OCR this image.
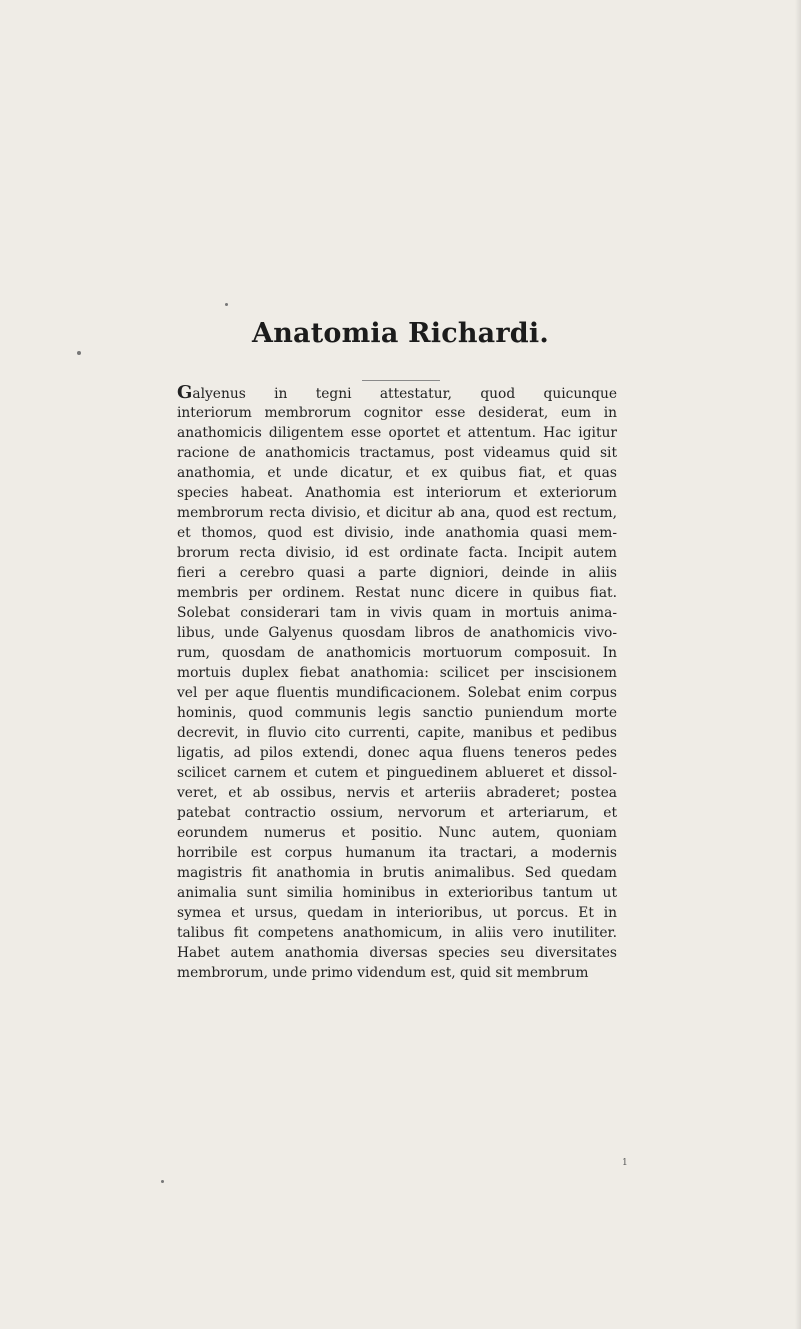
Anatomia Richardi.
Galyenus in tegni attestatur, quod quicunque
interiorum membrorum cognitor esse desiderat, eum in
anathomicis diligentem esse oportet et attentum. Hac igitur
racione de anathomicis tractamus, post videamus quid sit
anathomia, et unde dicatur, et ex quibus fiat, et quas
species habeat. Anathomia est interiorum et exteriorum
membrorum recta divisio, et dicitur ab ana, quod est rectum,
et thomos, quod est divisio, inde anathomia quasi mem-
brorum recta divisio, id est ordinate facta. Incipit autem
fieri a cerebro quasi a parte digniori, deinde in aliis
membris per ordinem. Restat nunc dicere in quibus fiat.
Solebat considerari tam in vivis quam in mortuis anima-
libus, unde Galyenus quosdam libros de anathomicis vivo-
rum, quosdam de anathomicis mortuorum composuit. In
mortuis duplex fiebat anathomia: scilicet per inscisionem
vel per aque fluentis mundificacionem. Solebat enim corpus
hominis, quod communis legis sanctio puniendum morte
decrevit, in fluvio cito currenti, capite, manibus et pedibus
ligatis, ad pilos extendi, donec aqua fluens teneros pedes
scilicet carnem et cutem et pinguedinem ablueret et dissol-
veret, et ab ossibus, nervis et arteriis abraderet; postea
patebat contractio ossium, nervorum et arteriarum, et
eorundem numerus et positio. Nunc autem, quoniam
horribile est corpus humanum ita tractari, a modernis
magistris fit anathomia in brutis animalibus. Sed quedam
animalia sunt similia hominibus in exterioribus tantum ut
symea et ursus, quedam in interioribus, ut porcus. Et in
talibus fit competens anathomicum, in aliis vero inutiliter.
Habet autem anathomia diversas species seu diversitates
membrorum, unde primo videndum est, quid sit membrum
1
